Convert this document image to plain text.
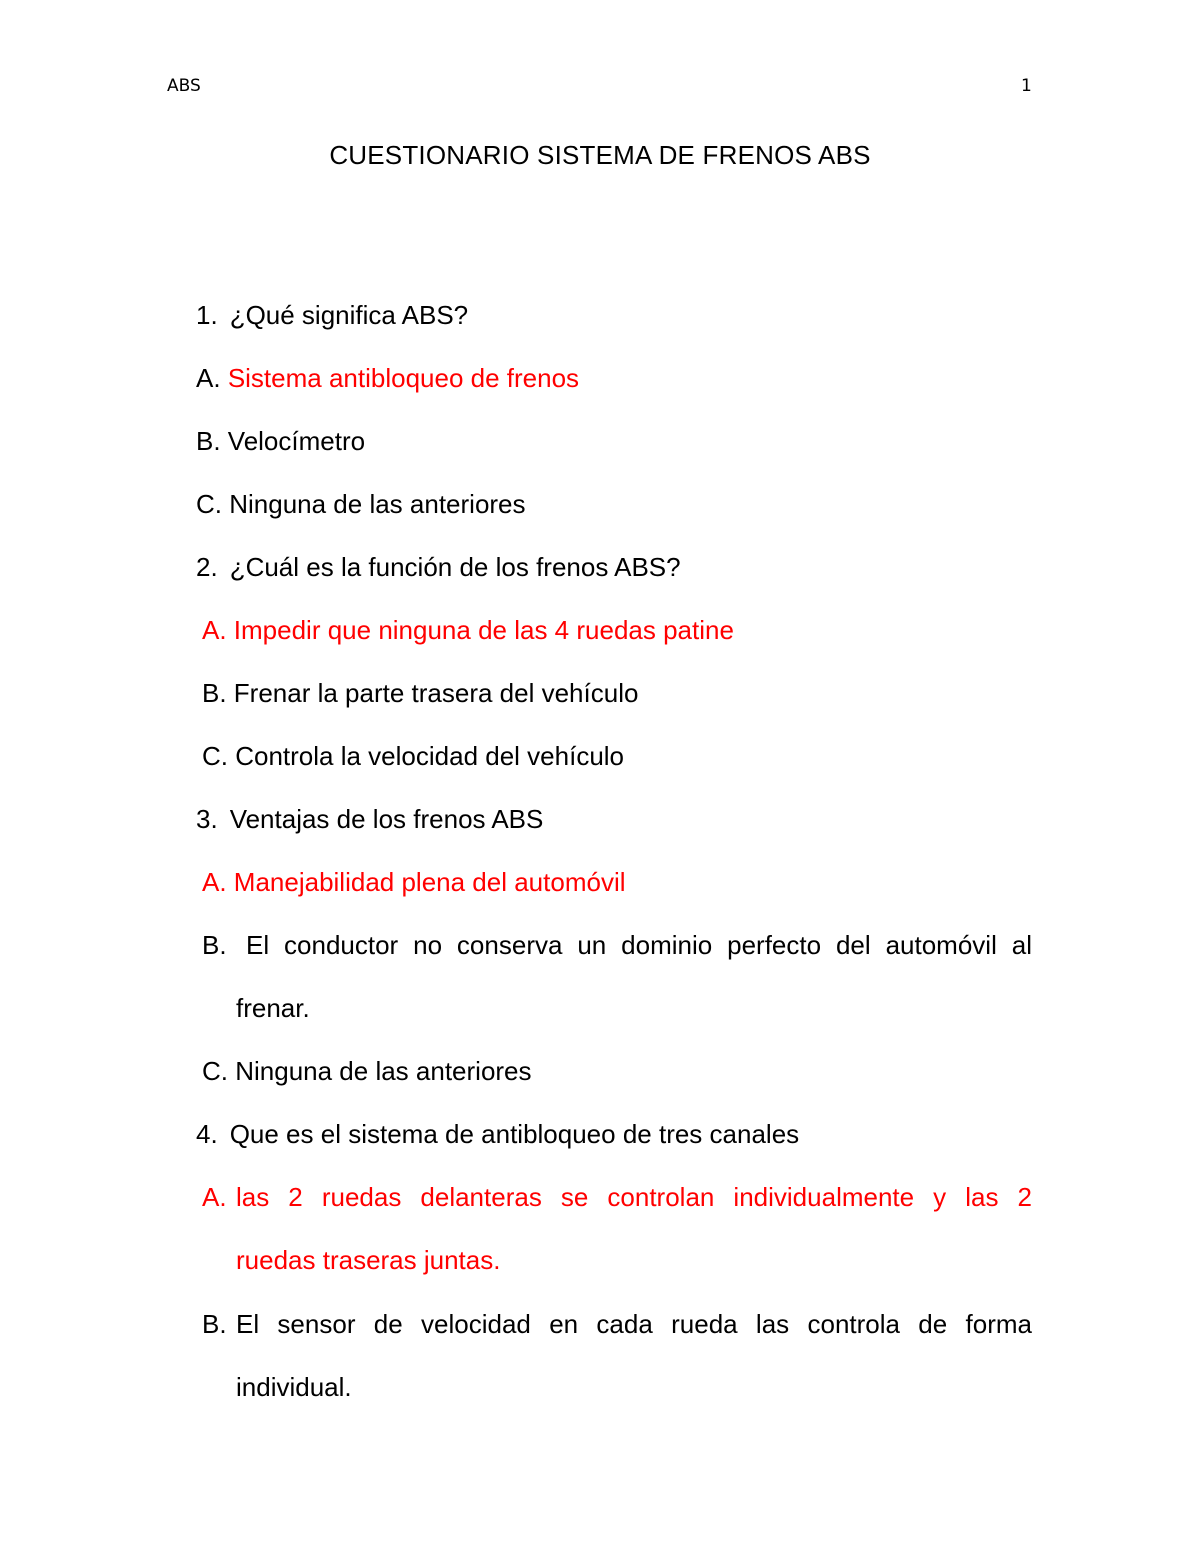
ABS	1
CUESTIONARIO SISTEMA DE FRENOS ABS
1. ¿Qué significa ABS?
A. Sistema antibloqueo de frenos
B. Velocímetro
C. Ninguna de las anteriores
2. ¿Cuál es la función de los frenos ABS?
A. Impedir que ninguna de las 4 ruedas patine
B. Frenar la parte trasera del vehículo
C. Controla la velocidad del vehículo
3. Ventajas de los frenos ABS
A. Manejabilidad plena del automóvil
B. El conductor no conserva un dominio perfecto del automóvil al
frenar.
C. Ninguna de las anteriores
4. Que es el sistema de antibloqueo de tres canales
A. las 2 ruedas delanteras se controlan individualmente y las 2
ruedas traseras juntas.
B. El sensor de velocidad en cada rueda las controla de forma
individual.
